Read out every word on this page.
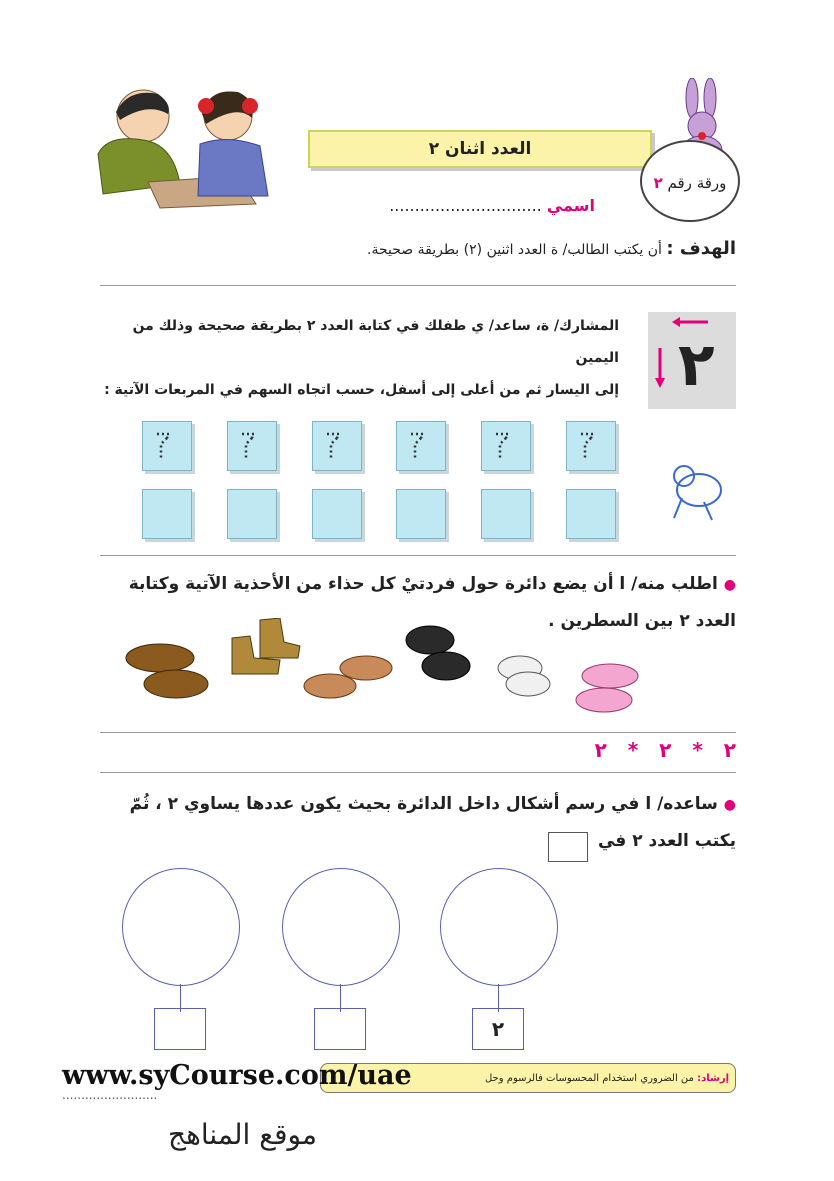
العدد اثنان ٢
ورقة رقم ٢
اسمي ..............................
الهدف : أن يكتب الطالب/ ة العدد اثنين (٢) بطريقة صحيحة.
٢
المشارك/ ة، ساعد/ ي طفلك في كتابة العدد ٢ بطريقة صحيحة وذلك من اليمين
إلى اليسار ثم من أعلى إلى أسفل، حسب اتجاه السهم في المربعات الآتية :
● اطلب منه/ ا أن يضع دائرة حول فردتيْ كل حذاء من الأحذية الآتية وكتابة
العدد ٢ بين السطرين .
٢ * ٢ * ٢
● ساعده/ ا في رسم أشكال داخل الدائرة بحيث يكون عددها يساوي ٢ ، ثُمّ
يكتب العدد ٢ في
٢
إرشاد: من الضروري استخدام المحسوسات فالرسوم وحل
.........................
www.syCourse.com/uae
موقع المناهج
